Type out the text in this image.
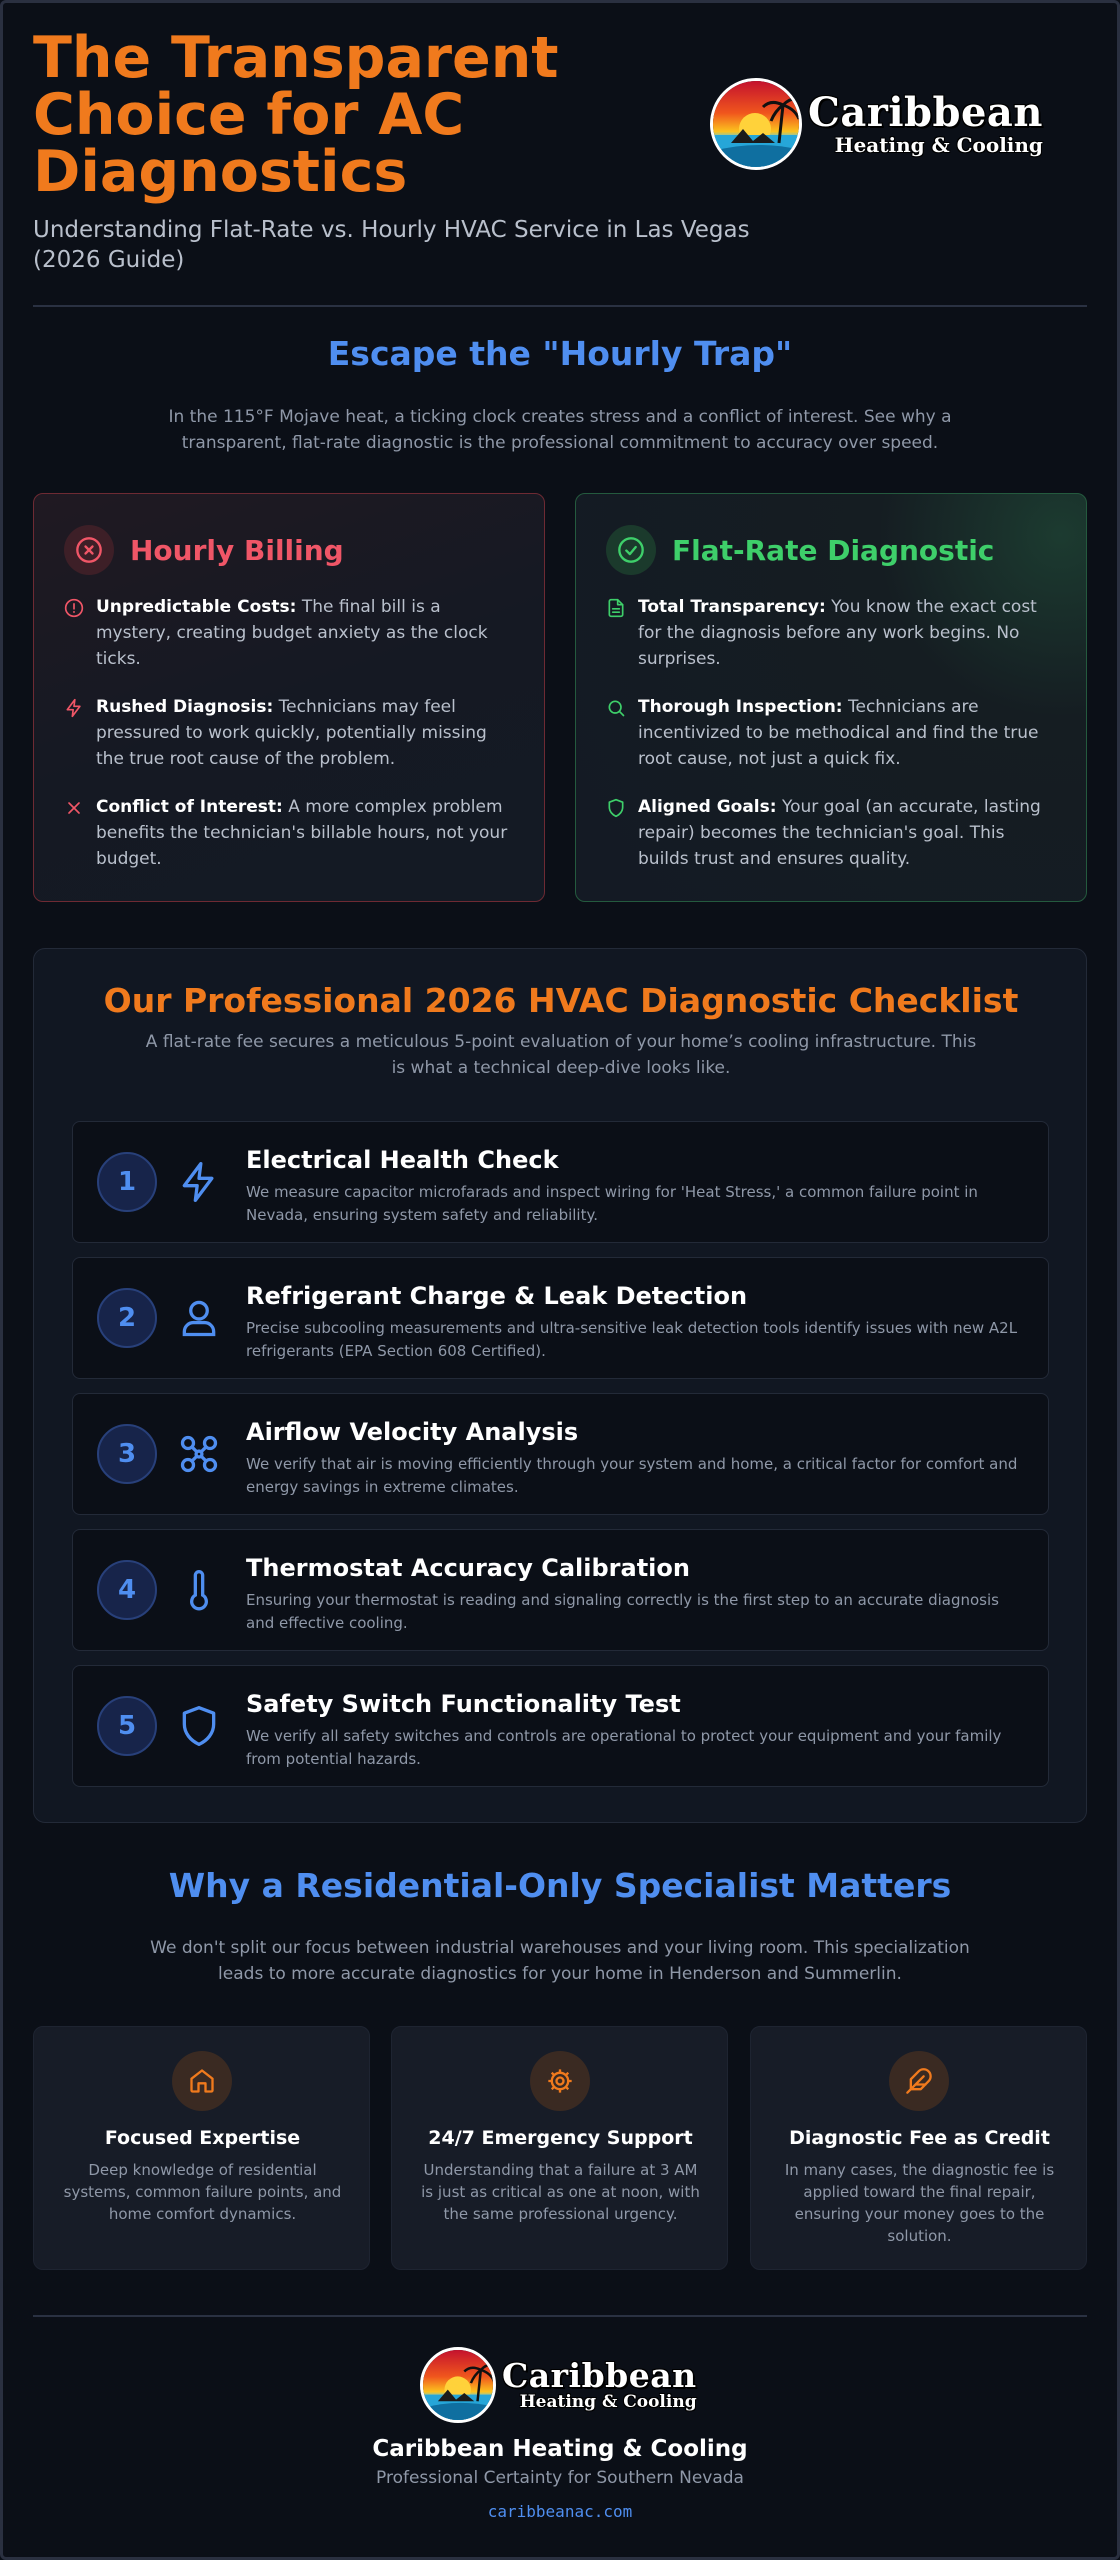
The Transparent Choice for AC Diagnostics

Understanding Flat-Rate vs. Hourly HVAC Service in Las Vegas (2026 Guide)

Caribbean
Heating & Cooling
Escape the "Hourly Trap"

In the 115°F Mojave heat, a ticking clock creates stress and a conflict of interest. See why a transparent, flat-rate diagnostic is the professional commitment to accuracy over speed.

Hourly Billing

Unpredictable Costs: The final bill is a mystery, creating budget anxiety as the clock ticks.

Rushed Diagnosis: Technicians may feel pressured to work quickly, potentially missing the true root cause of the problem.

Conflict of Interest: A more complex problem benefits the technician's billable hours, not your budget.

Flat-Rate Diagnostic

Total Transparency: You know the exact cost for the diagnosis before any work begins. No surprises.

Thorough Inspection: Technicians are incentivized to be methodical and find the true root cause, not just a quick fix.

Aligned Goals: Your goal (an accurate, lasting repair) becomes the technician's goal. This builds trust and ensures quality.

Our Professional 2026 HVAC Diagnostic Checklist

A flat-rate fee secures a meticulous 5-point evaluation of your home’s cooling infrastructure. This is what a technical deep-dive looks like.

1
Electrical Health Check

We measure capacitor microfarads and inspect wiring for 'Heat Stress,' a common failure point in Nevada, ensuring system safety and reliability.

2
Refrigerant Charge & Leak Detection

Precise subcooling measurements and ultra-sensitive leak detection tools identify issues with new A2L refrigerants (EPA Section 608 Certified).

3
Airflow Velocity Analysis

We verify that air is moving efficiently through your system and home, a critical factor for comfort and energy savings in extreme climates.

4
Thermostat Accuracy Calibration

Ensuring your thermostat is reading and signaling correctly is the first step to an accurate diagnosis and effective cooling.

5
Safety Switch Functionality Test

We verify all safety switches and controls are operational to protect your equipment and your family from potential hazards.

Why a Residential-Only Specialist Matters

We don't split our focus between industrial warehouses and your living room. This specialization leads to more accurate diagnostics for your home in Henderson and Summerlin.

Focused Expertise

Deep knowledge of residential systems, common failure points, and home comfort dynamics.

24/7 Emergency Support

Understanding that a failure at 3 AM is just as critical as one at noon, with the same professional urgency.

Diagnostic Fee as Credit

In many cases, the diagnostic fee is applied toward the final repair, ensuring your money goes to the solution.

Caribbean
Heating & Cooling
Caribbean Heating & Cooling
Professional Certainty for Southern Nevada
caribbeanac.com
